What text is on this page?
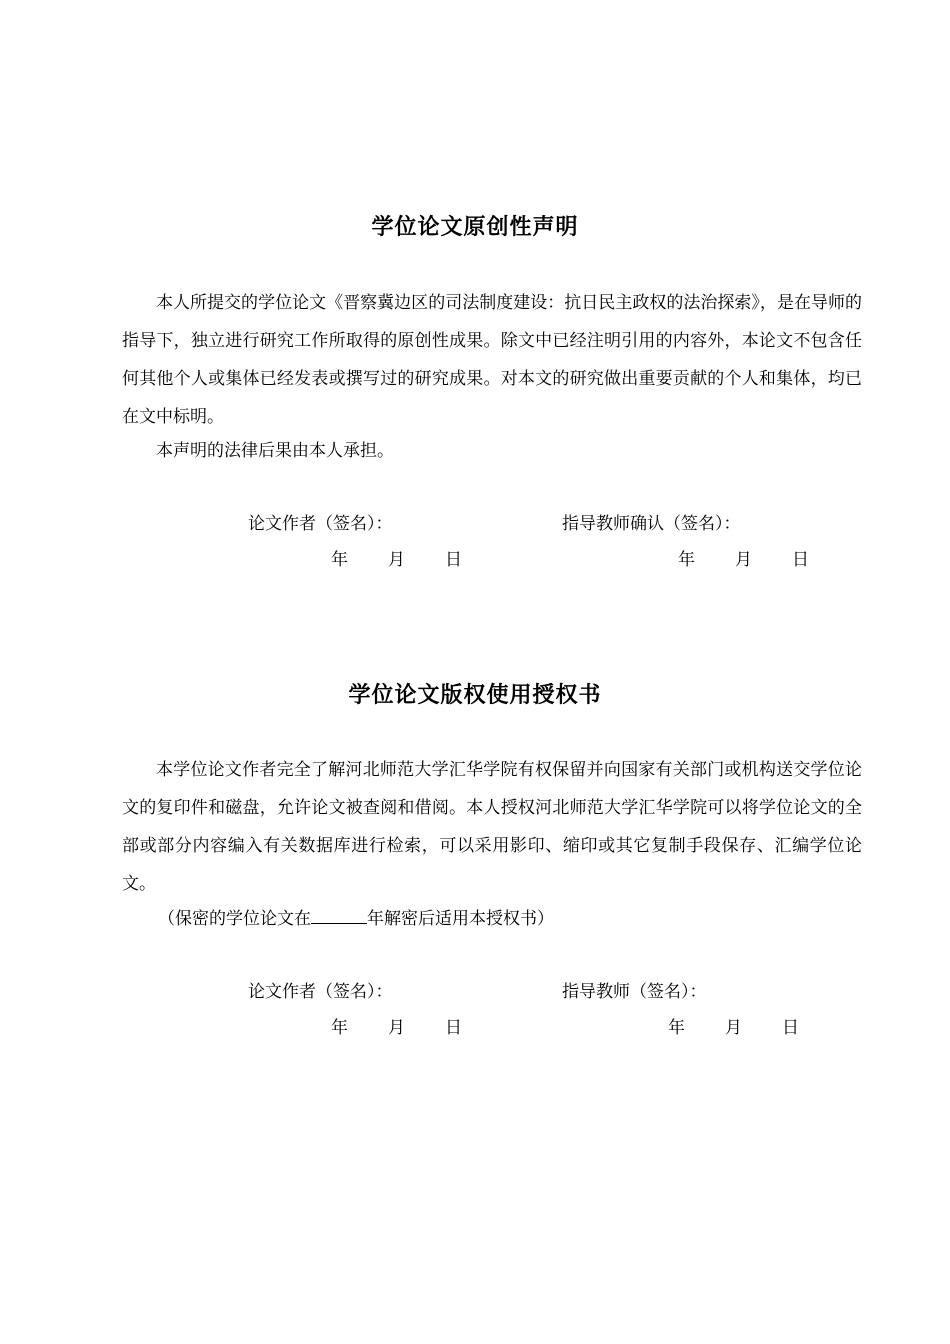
学位论文原创性声明

本人所提交的学位论文《晋察冀边区的司法制度建设：抗日民主政权的法治探索》，是在导师的指导下，独立进行研究工作所取得的原创性成果。除文中已经注明引用的内容外，本论文不包含任何其他个人或集体已经发表或撰写过的研究成果。对本文的研究做出重要贡献的个人和集体，均已在文中标明。

本声明的法律后果由本人承担。

论文作者（签名）：	指导教师确认（签名）：
年 月 日	年 月 日
学位论文版权使用授权书

本学位论文作者完全了解河北师范大学汇华学院有权保留并向国家有关部门或机构送交学位论文的复印件和磁盘，允许论文被查阅和借阅。本人授权河北师范大学汇华学院可以将学位论文的全部或部分内容编入有关数据库进行检索，可以采用影印、缩印或其它复制手段保存、汇编学位论文。

（保密的学位论文在	年解密后适用本授权书）
论文作者（签名）：	指导教师（签名）：
年 月 日	年 月 日
